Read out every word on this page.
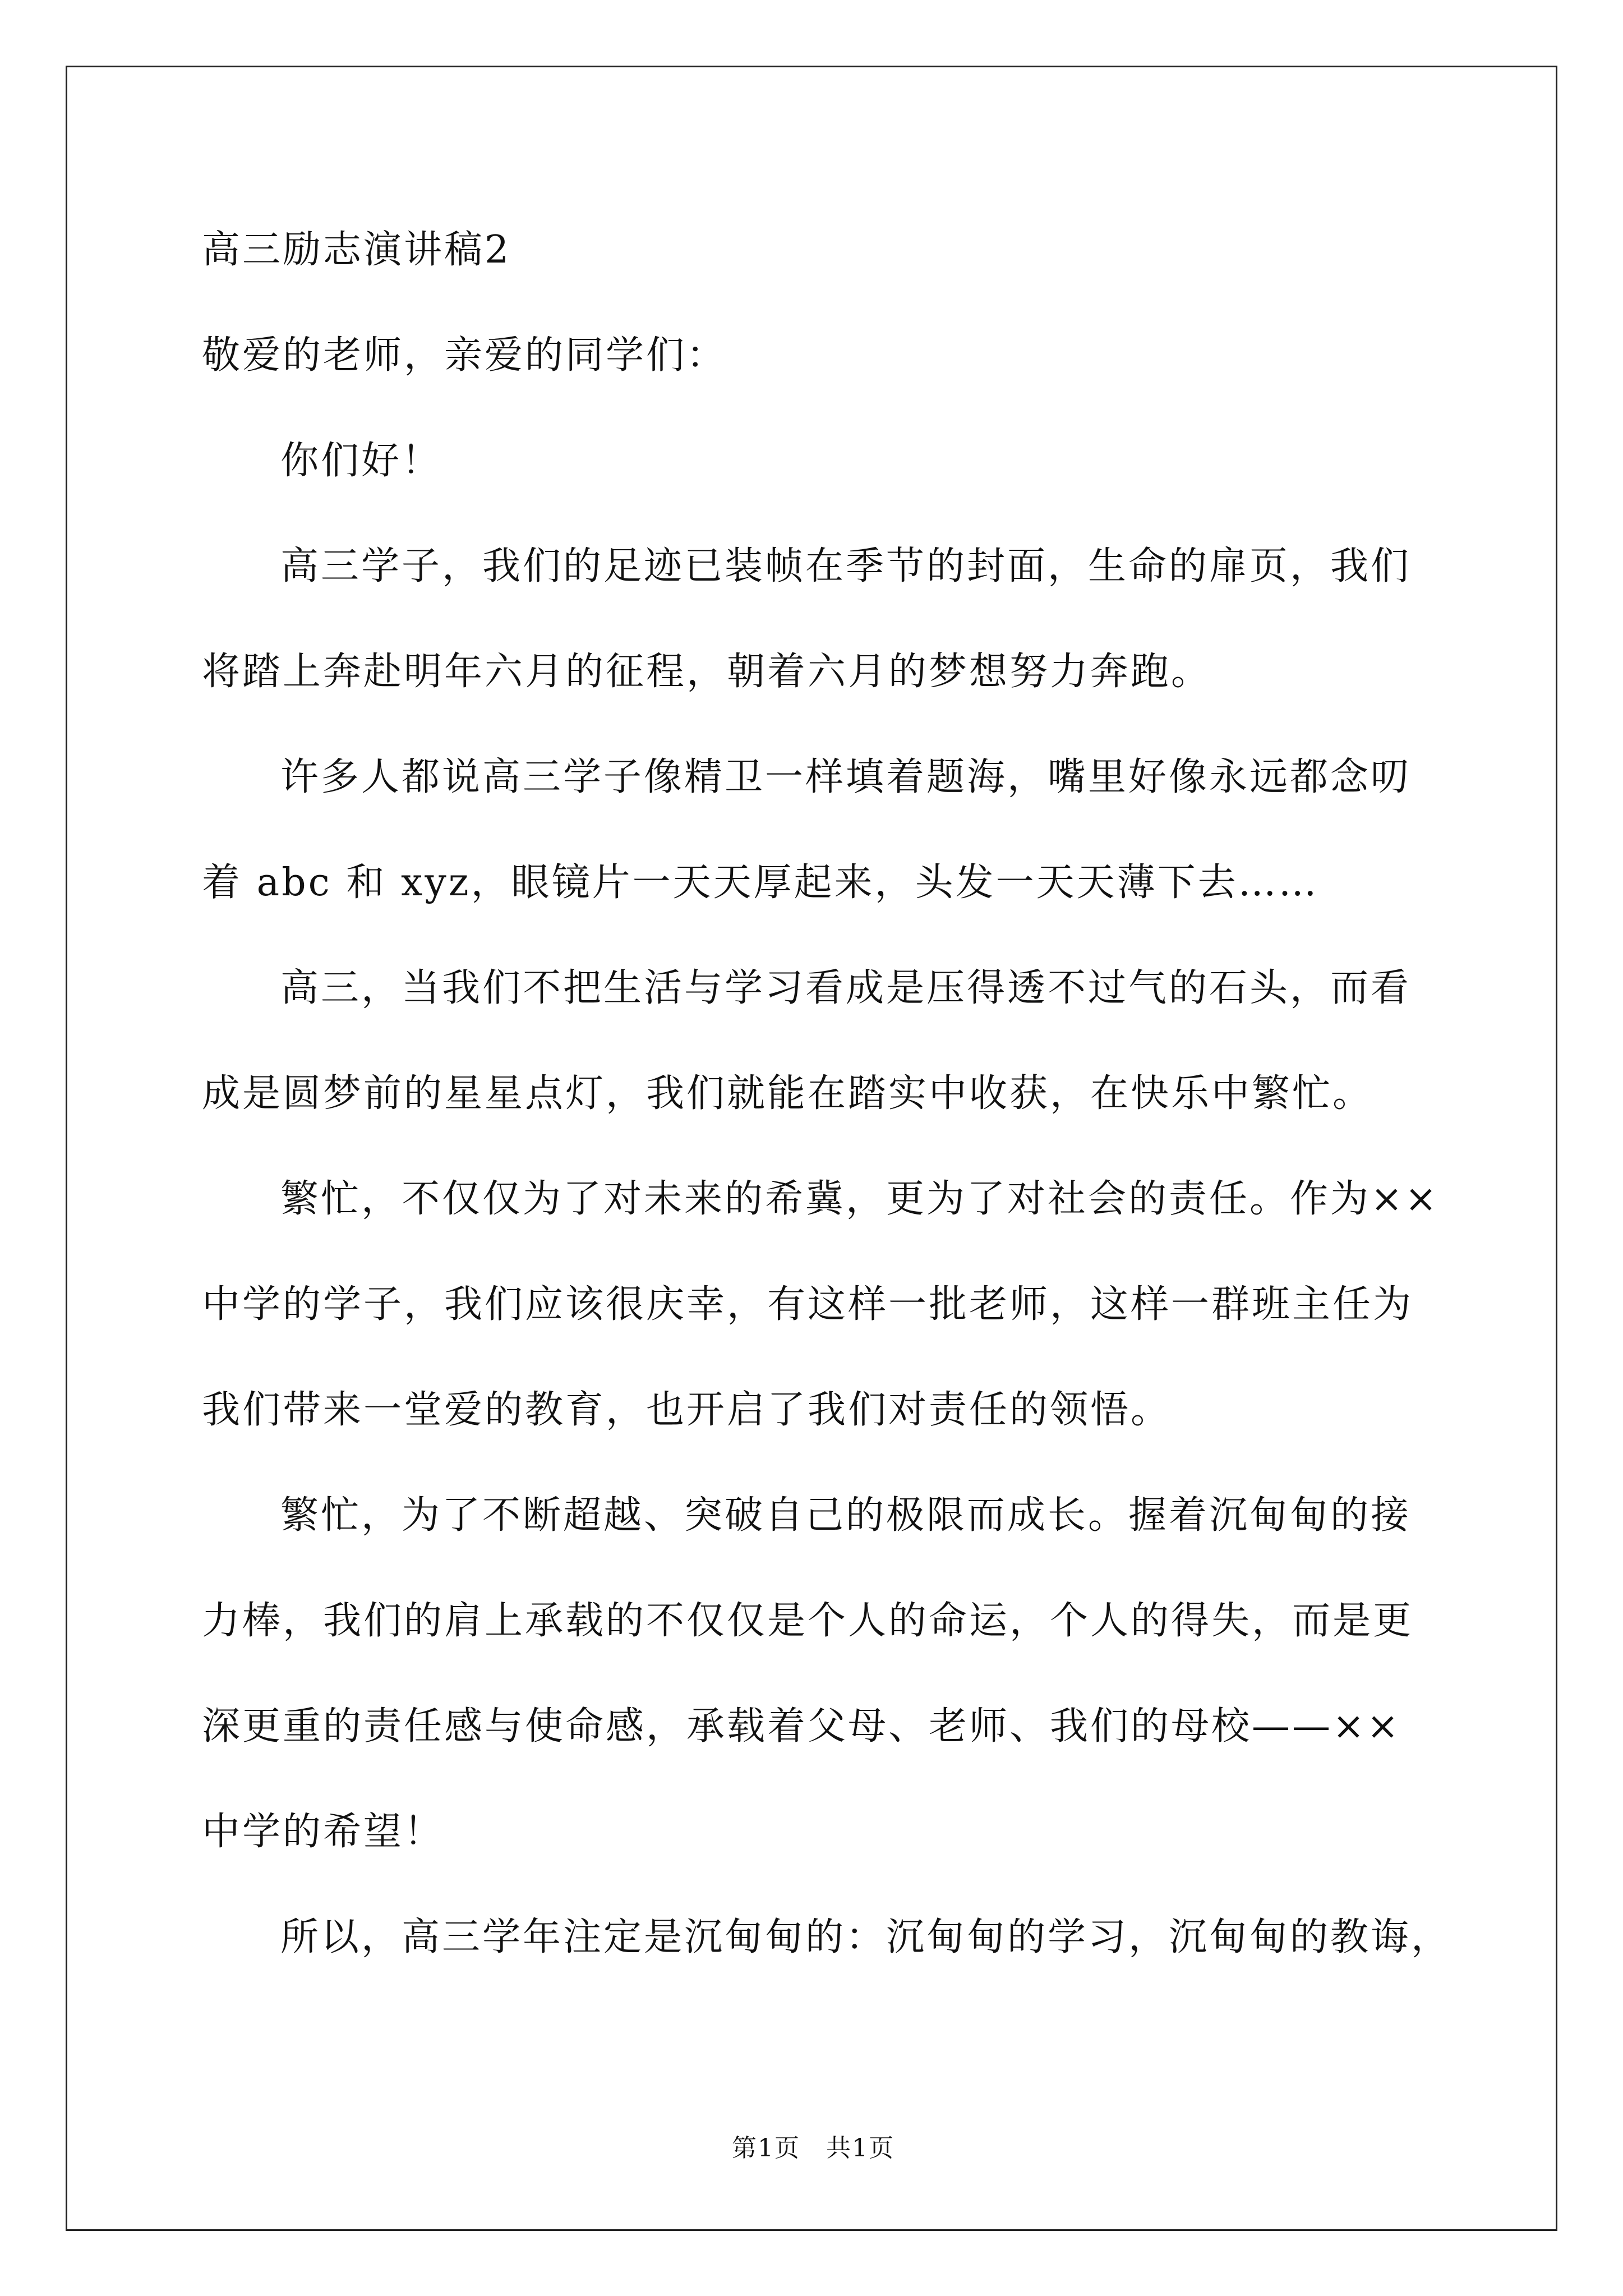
高三励志演讲稿2
敬爱的老师，亲爱的同学们：
你们好！
高三学子，我们的足迹已装帧在季节的封面，生命的扉页，我们
将踏上奔赴明年六月的征程，朝着六月的梦想努力奔跑。
许多人都说高三学子像精卫一样填着题海，嘴里好像永远都念叨
着 abc 和 xyz，眼镜片一天天厚起来，头发一天天薄下去……
高三，当我们不把生活与学习看成是压得透不过气的石头，而看
成是圆梦前的星星点灯，我们就能在踏实中收获，在快乐中繁忙。
繁忙，不仅仅为了对未来的希冀，更为了对社会的责任。作为××
中学的学子，我们应该很庆幸，有这样一批老师，这样一群班主任为
我们带来一堂爱的教育，也开启了我们对责任的领悟。
繁忙，为了不断超越、突破自己的极限而成长。握着沉甸甸的接
力棒，我们的肩上承载的不仅仅是个人的命运，个人的得失，而是更
深更重的责任感与使命感，承载着父母、老师、我们的母校——××
中学的希望！
所以，高三学年注定是沉甸甸的：沉甸甸的学习，沉甸甸的教诲，
第1页　共1页
